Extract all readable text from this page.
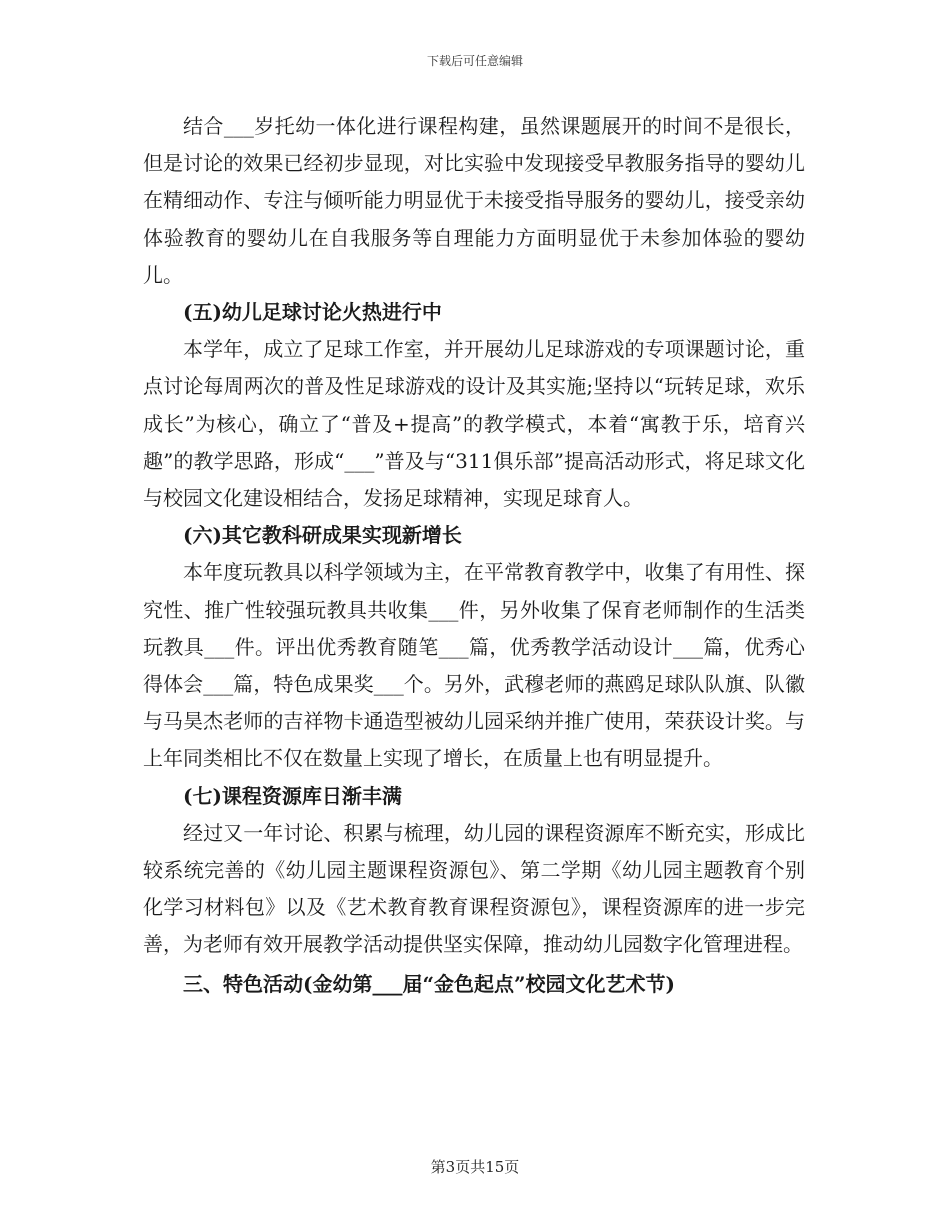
下载后可任意编辑

结合___岁托幼一体化进行课程构建，虽然课题展开的时间不是很长，但是讨论的效果已经初步显现，对比实验中发现接受早教服务指导的婴幼儿在精细动作、专注与倾听能力明显优于未接受指导服务的婴幼儿，接受亲幼体验教育的婴幼儿在自我服务等自理能力方面明显优于未参加体验的婴幼儿。

(五)幼儿足球讨论火热进行中

本学年，成立了足球工作室，并开展幼儿足球游戏的专项课题讨论，重点讨论每周两次的普及性足球游戏的设计及其实施;坚持以“玩转足球，欢乐成长”为核心，确立了“普及+提高”的教学模式，本着“寓教于乐，培育兴趣”的教学思路，形成“___”普及与“311俱乐部”提高活动形式，将足球文化与校园文化建设相结合，发扬足球精神，实现足球育人。

(六)其它教科研成果实现新增长

本年度玩教具以科学领域为主，在平常教育教学中，收集了有用性、探究性、推广性较强玩教具共收集___件，另外收集了保育老师制作的生活类玩教具___件。评出优秀教育随笔___篇，优秀教学活动设计___篇，优秀心得体会___篇，特色成果奖___个。另外，武穆老师的燕鸥足球队队旗、队徽与马昊杰老师的吉祥物卡通造型被幼儿园采纳并推广使用，荣获设计奖。与上年同类相比不仅在数量上实现了增长，在质量上也有明显提升。

(七)课程资源库日渐丰满

经过又一年讨论、积累与梳理，幼儿园的课程资源库不断充实，形成比较系统完善的《幼儿园主题课程资源包》、第二学期《幼儿园主题教育个别化学习材料包》以及《艺术教育教育课程资源包》，课程资源库的进一步完善，为老师有效开展教学活动提供坚实保障，推动幼儿园数字化管理进程。

三、特色活动(金幼第___届“金色起点”校园文化艺术节)

第3页共15页
